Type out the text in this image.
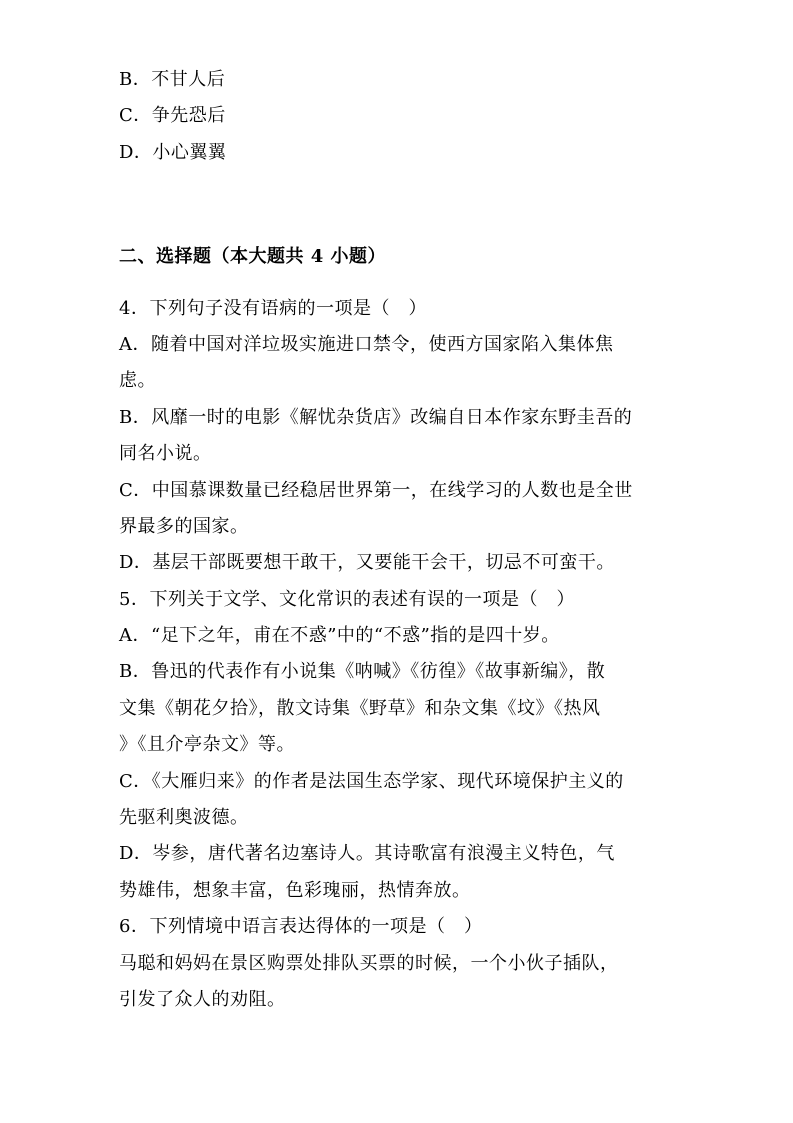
B．不甘人后
C．争先恐后
D．小心翼翼
二、选择题（本大题共 4 小题）
4．下列句子没有语病的一项是（　）
A．随着中国对洋垃圾实施进口禁令，使西方国家陷入集体焦
虑。
B．风靡一时的电影《解忧杂货店》改编自日本作家东野圭吾的
同名小说。
C．中国慕课数量已经稳居世界第一，在线学习的人数也是全世
界最多的国家。
D．基层干部既要想干敢干，又要能干会干，切忌不可蛮干。
5．下列关于文学、文化常识的表述有误的一项是（　）
A．“足下之年，甫在不惑”中的“不惑”指的是四十岁。
B．鲁迅的代表作有小说集《呐喊》《彷徨》《故事新编》，散
文集《朝花夕拾》，散文诗集《野草》和杂文集《坟》《热风
》《且介亭杂文》等。
C．《大雁归来》的作者是法国生态学家、现代环境保护主义的
先驱利奥波德。
D．岑参，唐代著名边塞诗人。其诗歌富有浪漫主义特色，气
势雄伟，想象丰富，色彩瑰丽，热情奔放。
6．下列情境中语言表达得体的一项是（　）
马聪和妈妈在景区购票处排队买票的时候，一个小伙子插队，
引发了众人的劝阻。
